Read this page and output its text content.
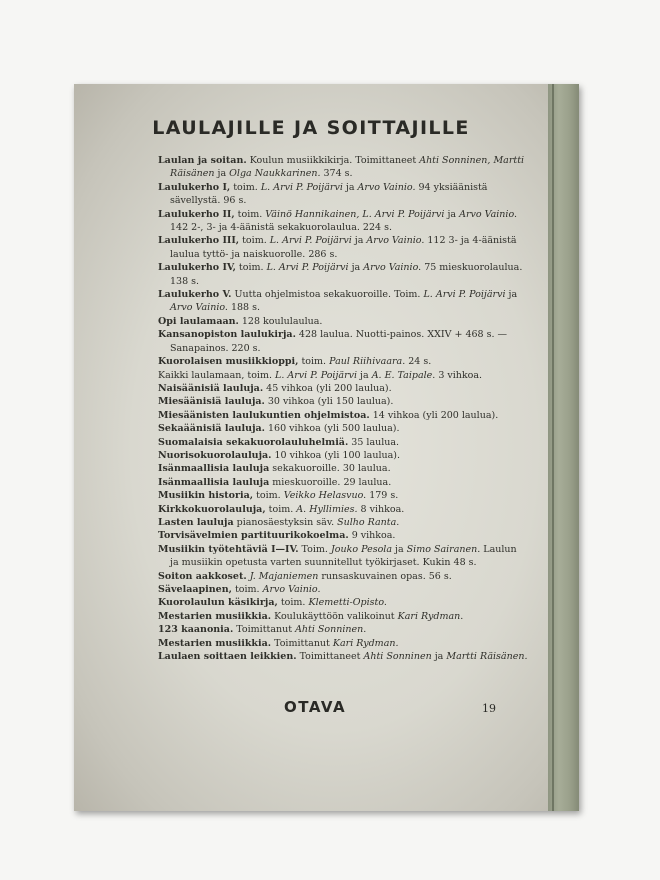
LAULAJILLE JA SOITTAJILLE
Laulan ja soitan. Koulun musiikkikirja. Toimittaneet Ahti Sonninen, Martti Räisänen ja Olga Naukkarinen. 374 s.
Laulukerho I, toim. L. Arvi P. Poijärvi ja Arvo Vainio. 94 yksiäänistä sävellystä. 96 s.
Laulukerho II, toim. Väinö Hannikainen, L. Arvi P. Poijärvi ja Arvo Vainio. 142 2-, 3- ja 4-äänistä sekakuorolaulua. 224 s.
Laulukerho III, toim. L. Arvi P. Poijärvi ja Arvo Vainio. 112 3- ja 4-äänistä laulua tyttö- ja naiskuorolle. 286 s.
Laulukerho IV, toim. L. Arvi P. Poijärvi ja Arvo Vainio. 75 mieskuorolaulua. 138 s.
Laulukerho V. Uutta ohjelmistoa sekakuoroille. Toim. L. Arvi P. Poijärvi ja Arvo Vainio. 188 s.
Opi laulamaan. 128 koululaulua.
Kansanopiston laulukirja. 428 laulua. Nuotti-painos. XXIV + 468 s. — Sanapainos. 220 s.
Kuorolaisen musiikkioppi, toim. Paul Riihivaara. 24 s.
Kaikki laulamaan, toim. L. Arvi P. Poijärvi ja A. E. Taipale. 3 vihkoa.
Naisäänisiä lauluja. 45 vihkoa (yli 200 laulua).
Miesäänisiä lauluja. 30 vihkoa (yli 150 laulua).
Miesäänisten laulukuntien ohjelmistoa. 14 vihkoa (yli 200 laulua).
Sekaäänisiä lauluja. 160 vihkoa (yli 500 laulua).
Suomalaisia sekakuorolauluhelmiä. 35 laulua.
Nuorisokuorolauluja. 10 vihkoa (yli 100 laulua).
Isänmaallisia lauluja sekakuoroille. 30 laulua.
Isänmaallisia lauluja mieskuoroille. 29 laulua.
Musiikin historia, toim. Veikko Helasvuo. 179 s.
Kirkkokuorolauluja, toim. A. Hyllimies. 8 vihkoa.
Lasten lauluja pianosäestyksin säv. Sulho Ranta.
Torvisävelmien partituurikokoelma. 9 vihkoa.
Musiikin työtehtäviä I—IV. Toim. Jouko Pesola ja Simo Sairanen. Laulun ja musiikin opetusta varten suunnitellut työkirjaset. Kukin 48 s.
Soiton aakkoset. J. Majaniemen runsaskuvainen opas. 56 s.
Sävelaapinen, toim. Arvo Vainio.
Kuorolaulun käsikirja, toim. Klemetti-Opisto.
Mestarien musiikkia. Koulukäyttöön valikoinut Kari Rydman.
123 kaanonia. Toimittanut Ahti Sonninen.
Mestarien musiikkia. Toimittanut Kari Rydman.
Laulaen soittaen leikkien. Toimittaneet Ahti Sonninen ja Martti Räisänen.
OTAVA	19
